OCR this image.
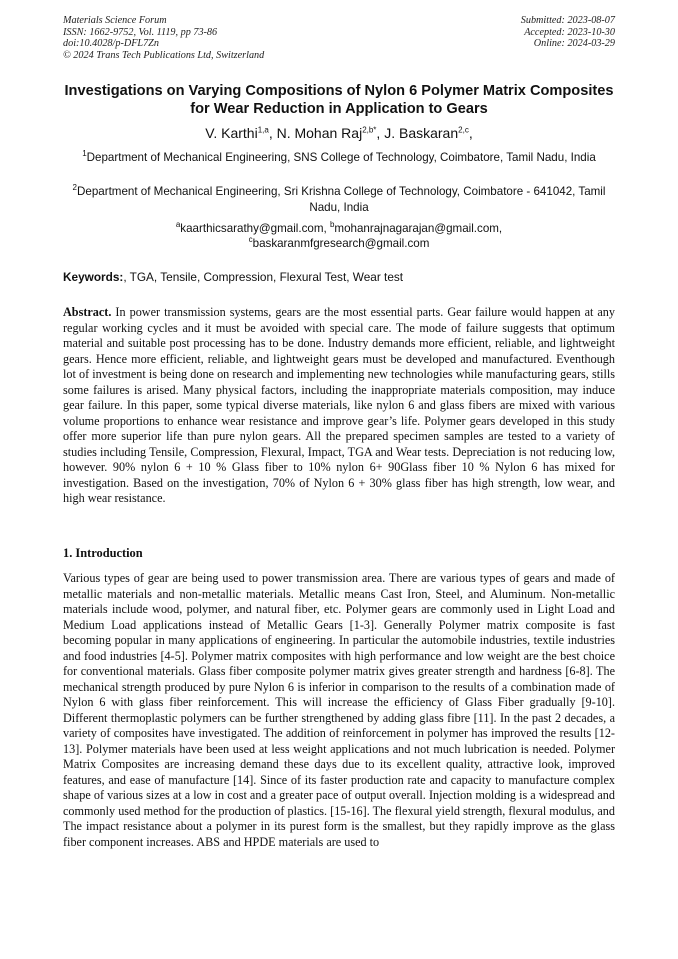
Materials Science Forum
ISSN: 1662-9752, Vol. 1119, pp 73-86
doi:10.4028/p-DFL7Zn
© 2024 Trans Tech Publications Ltd, Switzerland
Submitted: 2023-08-07
Accepted: 2023-10-30
Online: 2024-03-29
Investigations on Varying Compositions of Nylon 6 Polymer Matrix Composites for Wear Reduction in Application to Gears
V. Karthi$^{1,a}$, N. Mohan Raj$^{2,b*}$, J. Baskaran$^{2,c}$,
$^1$Department of Mechanical Engineering, SNS College of Technology, Coimbatore, Tamil Nadu, India
$^2$Department of Mechanical Engineering, Sri Krishna College of Technology, Coimbatore - 641042, Tamil Nadu, India
$^a$kaarthicsarathy@gmail.com, $^b$mohanrajnagarajan@gmail.com,
$^c$baskaranmfgresearch@gmail.com
Keywords:, TGA, Tensile, Compression, Flexural Test, Wear test
Abstract. In power transmission systems, gears are the most essential parts. Gear failure would happen at any regular working cycles and it must be avoided with special care. The mode of failure suggests that optimum material and suitable post processing has to be done. Industry demands more efficient, reliable, and lightweight gears. Hence more efficient, reliable, and lightweight gears must be developed and manufactured. Eventhough lot of investment is being done on research and implementing new technologies while manufacturing gears, stills some failures is arised. Many physical factors, including the inappropriate materials composition, may induce gear failure. In this paper, some typical diverse materials, like nylon 6 and glass fibers are mixed with various volume proportions to enhance wear resistance and improve gear’s life. Polymer gears developed in this study offer more superior life than pure nylon gears. All the prepared specimen samples are tested to a variety of studies including Tensile, Compression, Flexural, Impact, TGA and Wear tests. Depreciation is not reducing low, however. 90% nylon 6 + 10 % Glass fiber to 10% nylon 6+ 90Glass fiber 10 % Nylon 6 has mixed for investigation. Based on the investigation, 70% of Nylon 6 + 30% glass fiber has high strength, low wear, and high wear resistance.
1. Introduction
Various types of gear are being used to power transmission area. There are various types of gears and made of metallic materials and non-metallic materials. Metallic means Cast Iron, Steel, and Aluminum. Non-metallic materials include wood, polymer, and natural fiber, etc. Polymer gears are commonly used in Light Load and Medium Load applications instead of Metallic Gears [1-3]. Generally Polymer matrix composite is fast becoming popular in many applications of engineering. In particular the automobile industries, textile industries and food industries [4-5]. Polymer matrix composites with high performance and low weight are the best choice for conventional materials. Glass fiber composite polymer matrix gives greater strength and hardness [6-8]. The mechanical strength produced by pure Nylon 6 is inferior in comparison to the results of a combination made of Nylon 6 with glass fiber reinforcement. This will increase the efficiency of Glass Fiber gradually [9-10]. Different thermoplastic polymers can be further strengthened by adding glass fibre [11]. In the past 2 decades, a variety of composites have investigated. The addition of reinforcement in polymer has improved the results [12-13]. Polymer materials have been used at less weight applications and not much lubrication is needed. Polymer Matrix Composites are increasing demand these days due to its excellent quality, attractive look, improved features, and ease of manufacture [14]. Since of its faster production rate and capacity to manufacture complex shape of various sizes at a low in cost and a greater pace of output overall. Injection molding is a widespread and commonly used method for the production of plastics. [15-16]. The flexural yield strength, flexural modulus, and The impact resistance about a polymer in its purest form is the smallest, but they rapidly improve as the glass fiber component increases. ABS and HPDE materials are used to
